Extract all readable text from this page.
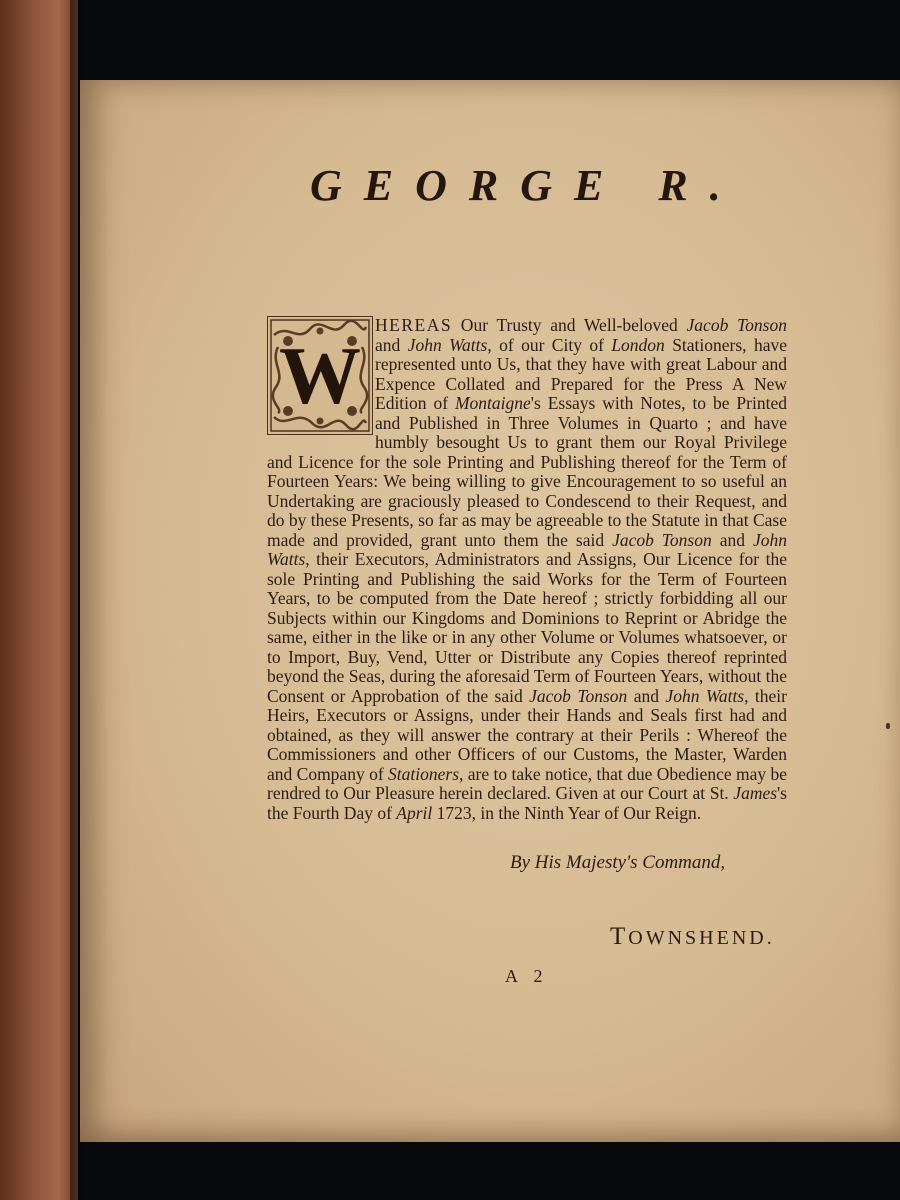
GEORGE R.

W
HEREAS Our Trusty and Well-beloved Jacob Tonson and John Watts, of our City of London Stationers, have represented unto Us, that they have with great Labour and Expence Collated and Prepared for the Press A New Edition of Montaigne's Essays with Notes, to be Printed and Published in Three Volumes in Quarto ; and have humbly besought Us to grant them our Royal Privilege and Licence for the sole Printing and Publishing thereof for the Term of Fourteen Years: We being willing to give Encouragement to so useful an Undertaking are graciously pleased to Condescend to their Request, and do by these Presents, so far as may be agreeable to the Statute in that Case made and provided, grant unto them the said Jacob Tonson and John Watts, their Executors, Administrators and Assigns, Our Licence for the sole Printing and Publishing the said Works for the Term of Fourteen Years, to be computed from the Date hereof ; strictly forbidding all our Subjects within our Kingdoms and Dominions to Reprint or Abridge the same, either in the like or in any other Volume or Volumes whatsoever, or to Import, Buy, Vend, Utter or Distribute any Copies thereof reprinted beyond the Seas, during the aforesaid Term of Fourteen Years, without the Consent or Approbation of the said Jacob Tonson and John Watts, their Heirs, Executors or Assigns, under their Hands and Seals first had and obtained, as they will answer the contrary at their Perils : Whereof the Commissioners and other Officers of our Customs, the Master, Warden and Company of Stationers, are to take notice, that due Obedience may be rendred to Our Pleasure herein declared. Given at our Court at St. James's the Fourth Day of April 1723, in the Ninth Year of Our Reign.

By His Majesty's Command,
TOWNSHEND.
A 2
